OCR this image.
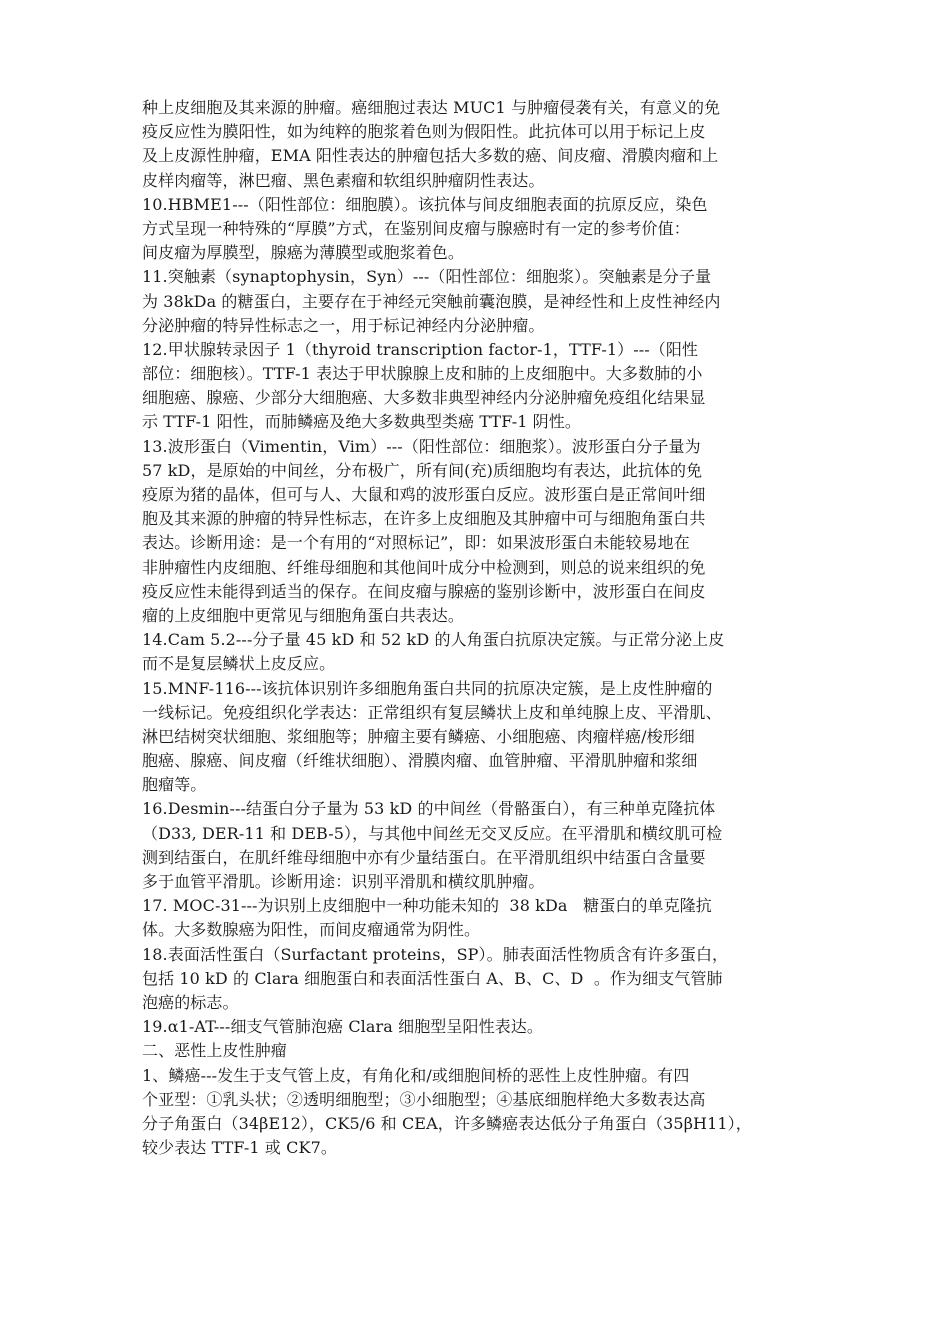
种上皮细胞及其来源的肿瘤。癌细胞过表达 MUC1 与肿瘤侵袭有关，有意义的免
疫反应性为膜阳性，如为纯粹的胞浆着色则为假阳性。此抗体可以用于标记上皮
及上皮源性肿瘤，EMA 阳性表达的肿瘤包括大多数的癌、间皮瘤、滑膜肉瘤和上
皮样肉瘤等，淋巴瘤、黑色素瘤和软组织肿瘤阴性表达。
10.HBME1---（阳性部位：细胞膜）。该抗体与间皮细胞表面的抗原反应，染色
方式呈现一种特殊的“厚膜”方式，在鉴别间皮瘤与腺癌时有一定的参考价值：
间皮瘤为厚膜型，腺癌为薄膜型或胞浆着色。
11.突触素（synaptophysin，Syn）---（阳性部位：细胞浆）。突触素是分子量
为 38kDa 的糖蛋白，主要存在于神经元突触前囊泡膜，是神经性和上皮性神经内
分泌肿瘤的特异性标志之一，用于标记神经内分泌肿瘤。
12.甲状腺转录因子 1（thyroid transcription factor-1，TTF-1）---（阳性
部位：细胞核）。TTF-1 表达于甲状腺腺上皮和肺的上皮细胞中。大多数肺的小
细胞癌、腺癌、少部分大细胞癌、大多数非典型神经内分泌肿瘤免疫组化结果显
示 TTF-1 阳性，而肺鳞癌及绝大多数典型类癌 TTF-1 阴性。
13.波形蛋白（Vimentin，Vim）---（阳性部位：细胞浆）。波形蛋白分子量为
57 kD，是原始的中间丝，分布极广，所有间(充)质细胞均有表达，此抗体的免
疫原为猪的晶体，但可与人、大鼠和鸡的波形蛋白反应。波形蛋白是正常间叶细
胞及其来源的肿瘤的特异性标志，在许多上皮细胞及其肿瘤中可与细胞角蛋白共
表达。诊断用途：是一个有用的“对照标记”，即：如果波形蛋白未能较易地在
非肿瘤性内皮细胞、纤维母细胞和其他间叶成分中检测到，则总的说来组织的免
疫反应性未能得到适当的保存。在间皮瘤与腺癌的鉴别诊断中，波形蛋白在间皮
瘤的上皮细胞中更常见与细胞角蛋白共表达。
14.Cam 5.2---分子量 45 kD 和 52 kD 的人角蛋白抗原决定簇。与正常分泌上皮
而不是复层鳞状上皮反应。
15.MNF-116---该抗体识别许多细胞角蛋白共同的抗原决定簇，是上皮性肿瘤的
一线标记。免疫组织化学表达：正常组织有复层鳞状上皮和单纯腺上皮、平滑肌、
淋巴结树突状细胞、浆细胞等；肿瘤主要有鳞癌、小细胞癌、肉瘤样癌/梭形细
胞癌、腺癌、间皮瘤（纤维状细胞）、滑膜肉瘤、血管肿瘤、平滑肌肿瘤和浆细
胞瘤等。
16.Desmin---结蛋白分子量为 53 kD 的中间丝（骨骼蛋白），有三种单克隆抗体
（D33, DER-11 和 DEB-5），与其他中间丝无交叉反应。在平滑肌和横纹肌可检
测到结蛋白，在肌纤维母细胞中亦有少量结蛋白。在平滑肌组织中结蛋白含量要
多于血管平滑肌。诊断用途：识别平滑肌和横纹肌肿瘤。
17. MOC-31---为识别上皮细胞中一种功能未知的  38 kDa   糖蛋白的单克隆抗
体。大多数腺癌为阳性，而间皮瘤通常为阴性。
18.表面活性蛋白（Surfactant proteins，SP）。肺表面活性物质含有许多蛋白，
包括 10 kD 的 Clara 细胞蛋白和表面活性蛋白 A、B、C、D  。作为细支气管肺
泡癌的标志。
19.α1-AT---细支气管肺泡癌 Clara 细胞型呈阳性表达。
二、恶性上皮性肿瘤
1、鳞癌---发生于支气管上皮，有角化和/或细胞间桥的恶性上皮性肿瘤。有四
个亚型：①乳头状；②透明细胞型；③小细胞型；④基底细胞样绝大多数表达高
分子角蛋白（34βE12），CK5/6 和 CEA，许多鳞癌表达低分子角蛋白（35βH11），
较少表达 TTF-1 或 CK7。
